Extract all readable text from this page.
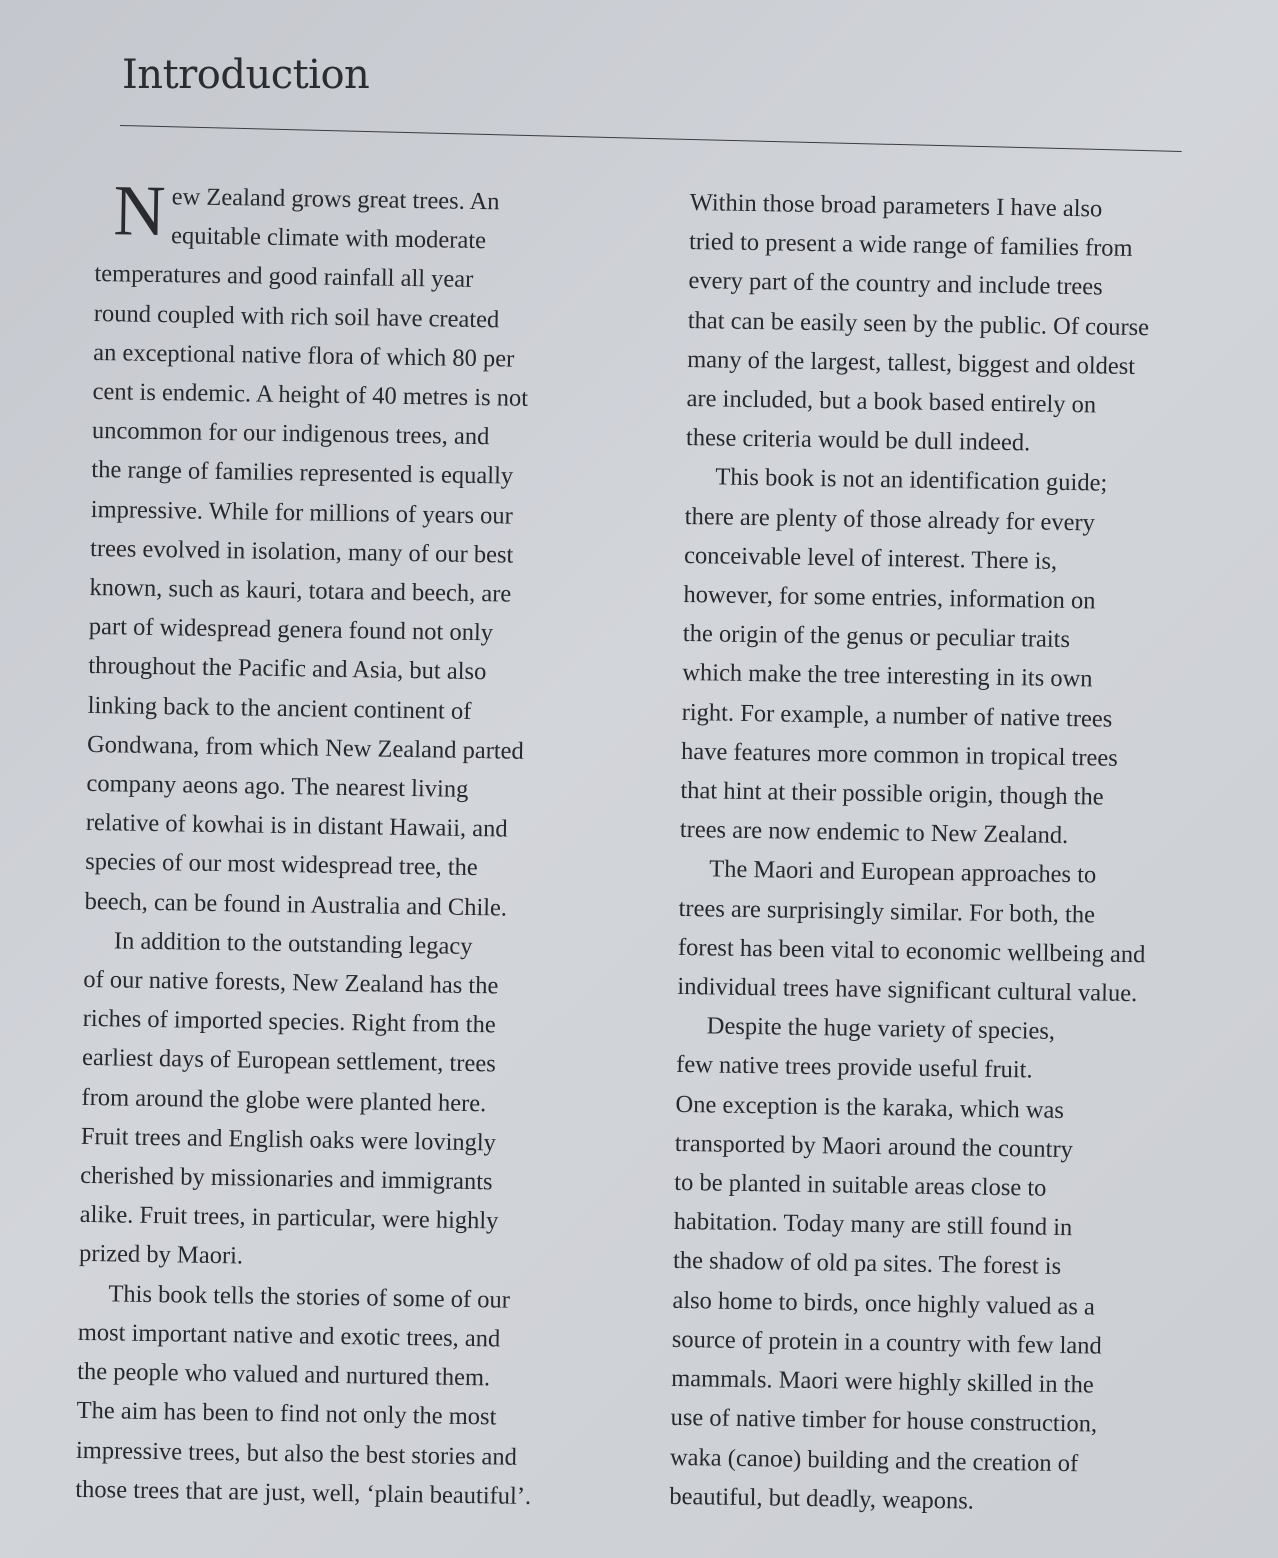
Introduction
N ew Zealand grows great trees. An
equitable climate with moderate
temperatures and good rainfall all year
round coupled with rich soil have created
an exceptional native flora of which 80 per
cent is endemic. A height of 40 metres is not
uncommon for our indigenous trees, and
the range of families represented is equally
impressive. While for millions of years our
trees evolved in isolation, many of our best
known, such as kauri, totara and beech, are
part of widespread genera found not only
throughout the Pacific and Asia, but also
linking back to the ancient continent of
Gondwana, from which New Zealand parted
company aeons ago. The nearest living
relative of kowhai is in distant Hawaii, and
species of our most widespread tree, the
beech, can be found in Australia and Chile.
In addition to the outstanding legacy
of our native forests, New Zealand has the
riches of imported species. Right from the
earliest days of European settlement, trees
from around the globe were planted here.
Fruit trees and English oaks were lovingly
cherished by missionaries and immigrants
alike. Fruit trees, in particular, were highly
prized by Maori.
This book tells the stories of some of our
most important native and exotic trees, and
the people who valued and nurtured them.
The aim has been to find not only the most
impressive trees, but also the best stories and
those trees that are just, well, ‘plain beautiful’.
Within those broad parameters I have also
tried to present a wide range of families from
every part of the country and include trees
that can be easily seen by the public. Of course
many of the largest, tallest, biggest and oldest
are included, but a book based entirely on
these criteria would be dull indeed.
This book is not an identification guide;
there are plenty of those already for every
conceivable level of interest. There is,
however, for some entries, information on
the origin of the genus or peculiar traits
which make the tree interesting in its own
right. For example, a number of native trees
have features more common in tropical trees
that hint at their possible origin, though the
trees are now endemic to New Zealand.
The Maori and European approaches to
trees are surprisingly similar. For both, the
forest has been vital to economic wellbeing and
individual trees have significant cultural value.
Despite the huge variety of species,
few native trees provide useful fruit.
One exception is the karaka, which was
transported by Maori around the country
to be planted in suitable areas close to
habitation. Today many are still found in
the shadow of old pa sites. The forest is
also home to birds, once highly valued as a
source of protein in a country with few land
mammals. Maori were highly skilled in the
use of native timber for house construction,
waka (canoe) building and the creation of
beautiful, but deadly, weapons.
